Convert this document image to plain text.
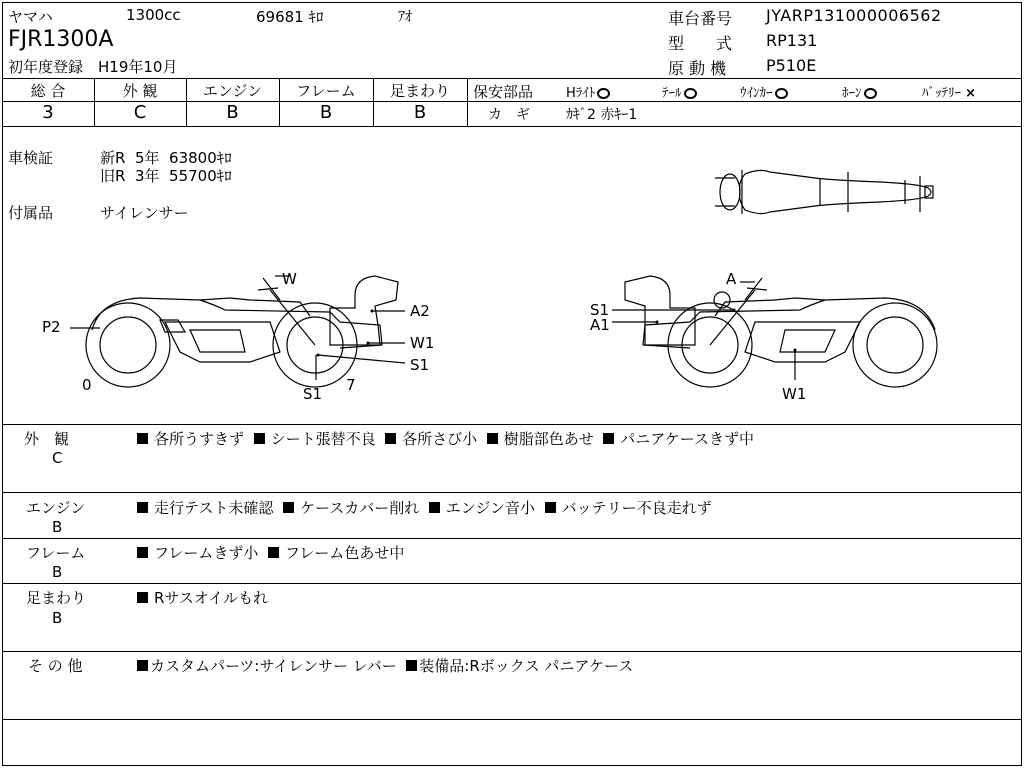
ヤマハ	1300cc	69681 ｷﾛ	ｱｵ
FJR1300A
初年度登録 H19年10月
車台番号 JYARP131000006562
型　　式 RP131
原 動 機 P510E
総 合	外 観	エンジン	フレーム	足まわり
3	C	B	B	B
保安部品	Hﾗｲﾄ	ﾃｰﾙ	ｳｲﾝｶｰ	ﾎｰﾝ	ﾊﾞｯﾃﾘｰ ×
カ　ギ	ｶｷﾞ2 赤ｷｰ1
車検証	新R  5年  63800ｷﾛ
旧R  3年  55700ｷﾛ
付属品	サイレンサー
W
A2
W1
S1
P2
0	S1 7
A
S1
A1
W1
外　観
C
各所うすきず シート張替不良 各所さび小 樹脂部色あせ パニアケースきず中
エンジン
B
走行テスト未確認 ケースカバー削れ エンジン音小 バッテリー不良走れず
フレーム
B
フレームきず小 フレーム色あせ中
足まわり
B
Rサスオイルもれ
そ の 他	カスタムパーツ:サイレンサー レバー 装備品:Rボックス パニアケース
